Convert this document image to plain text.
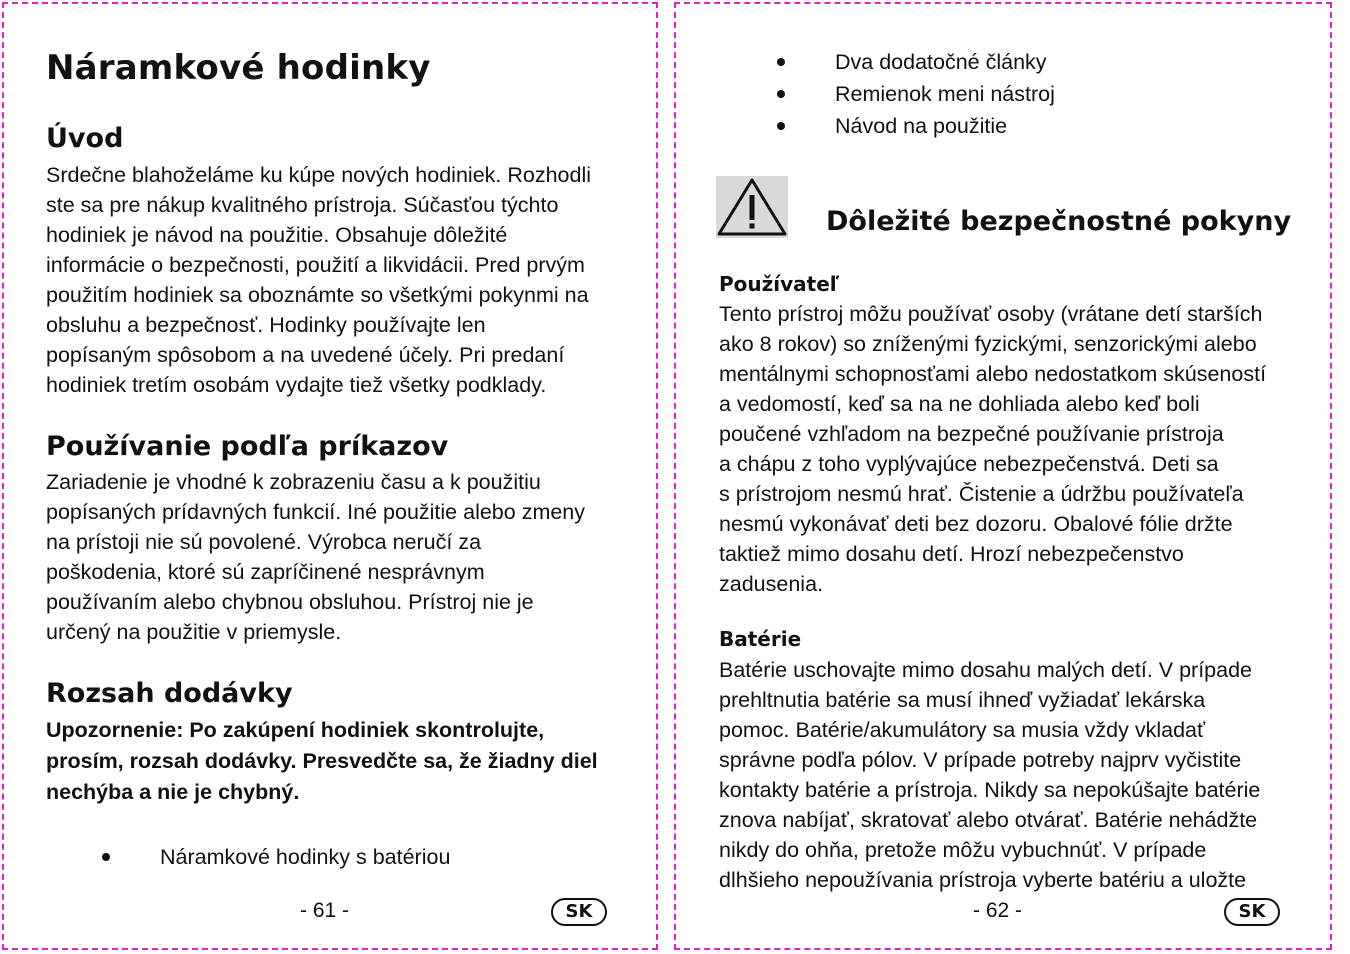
Náramkové hodinky
Úvod
Srdečne blahoželáme ku kúpe nových hodiniek. Rozhodli
ste sa pre nákup kvalitného prístroja. Súčasťou týchto
hodiniek je návod na použitie. Obsahuje dôležité
informácie o bezpečnosti, použití a likvidácii. Pred prvým
použitím hodiniek sa oboznámte so všetkými pokynmi na
obsluhu a bezpečnosť. Hodinky používajte len
popísaným spôsobom a na uvedené účely. Pri predaní
hodiniek tretím osobám vydajte tiež všetky podklady.
Používanie podľa príkazov
Zariadenie je vhodné k zobrazeniu času a k použitiu
popísaných prídavných funkcií. Iné použitie alebo zmeny
na prístoji nie sú povolené. Výrobca neručí za
poškodenia, ktoré sú zapríčinené nesprávnym
používaním alebo chybnou obsluhou. Prístroj nie je
určený na použitie v priemysle.
Rozsah dodávky
Upozornenie: Po zakúpení hodiniek skontrolujte,
prosím, rozsah dodávky. Presvedčte sa, že žiadny diel
nechýba a nie je chybný.
Náramkové hodinky s batériou
- 61 -	SK
Dva dodatočné články
Remienok meni nástroj
Návod na použitie
Dôležité bezpečnostné pokyny
Používateľ
Tento prístroj môžu používať osoby (vrátane detí starších
ako 8 rokov) so zníženými fyzickými, senzorickými alebo
mentálnymi schopnosťami alebo nedostatkom skúseností
a vedomostí, keď sa na ne dohliada alebo keď boli
poučené vzhľadom na bezpečné používanie prístroja
a chápu z toho vyplývajúce nebezpečenstvá. Deti sa
s prístrojom nesmú hrať. Čistenie a údržbu používateľa
nesmú vykonávať deti bez dozoru. Obalové fólie držte
taktiež mimo dosahu detí. Hrozí nebezpečenstvo
zadusenia.
Batérie
Batérie uschovajte mimo dosahu malých detí. V prípade
prehltnutia batérie sa musí ihneď vyžiadať lekárska
pomoc. Batérie/akumulátory sa musia vždy vkladať
správne podľa pólov. V prípade potreby najprv vyčistite
kontakty batérie a prístroja. Nikdy sa nepokúšajte batérie
znova nabíjať, skratovať alebo otvárať. Batérie nehádžte
nikdy do ohňa, pretože môžu vybuchnúť. V prípade
dlhšieho nepoužívania prístroja vyberte batériu a uložte
- 62 -	SK
